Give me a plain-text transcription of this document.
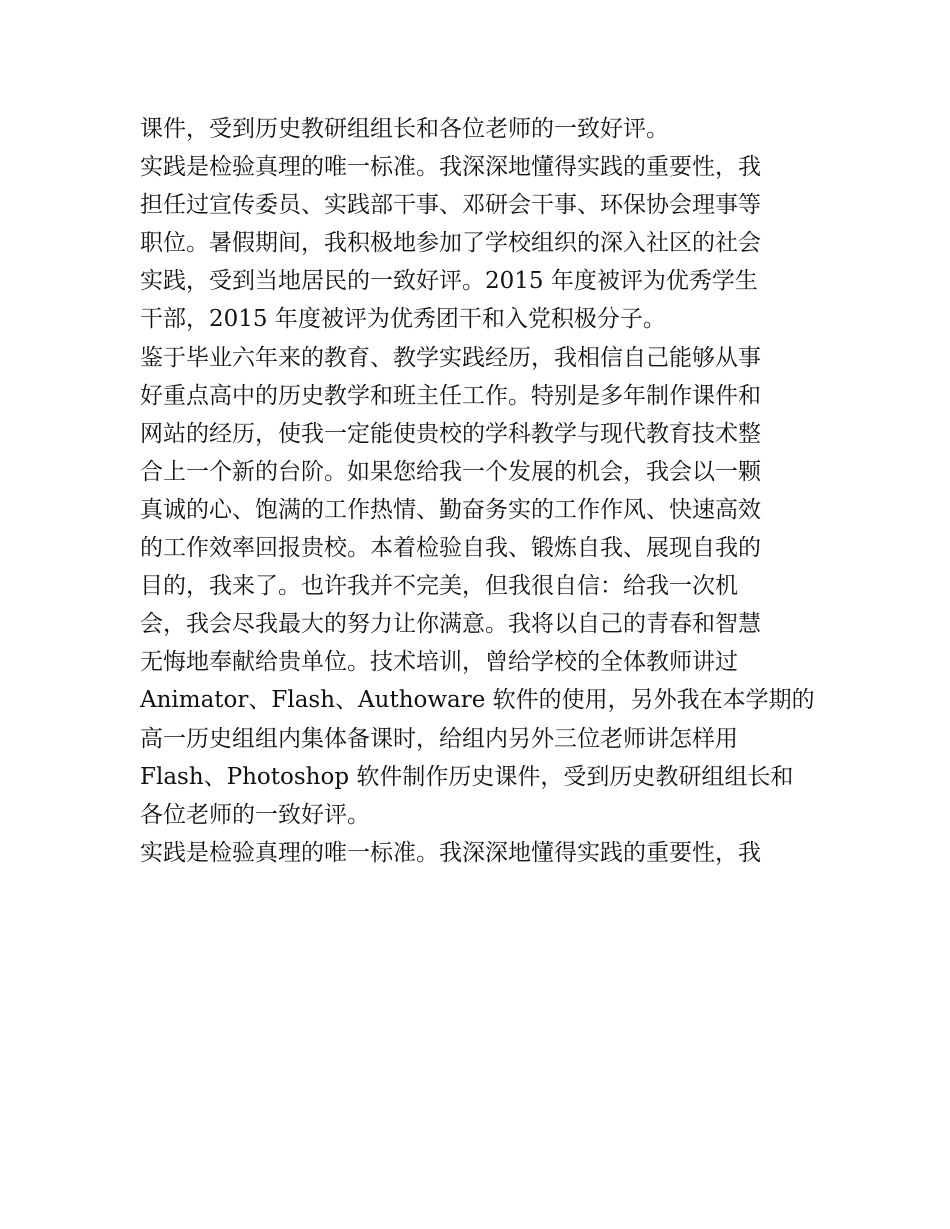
课件，受到历史教研组组长和各位老师的一致好评。
实践是检验真理的唯一标准。我深深地懂得实践的重要性，我
担任过宣传委员、实践部干事、邓研会干事、环保协会理事等
职位。暑假期间，我积极地参加了学校组织的深入社区的社会
实践，受到当地居民的一致好评。2015 年度被评为优秀学生
干部，2015 年度被评为优秀团干和入党积极分子。
鉴于毕业六年来的教育、教学实践经历，我相信自己能够从事
好重点高中的历史教学和班主任工作。特别是多年制作课件和
网站的经历，使我一定能使贵校的学科教学与现代教育技术整
合上一个新的台阶。如果您给我一个发展的机会，我会以一颗
真诚的心、饱满的工作热情、勤奋务实的工作作风、快速高效
的工作效率回报贵校。本着检验自我、锻炼自我、展现自我的
目的，我来了。也许我并不完美，但我很自信：给我一次机
会，我会尽我最大的努力让你满意。我将以自己的青春和智慧
无悔地奉献给贵单位。技术培训，曾给学校的全体教师讲过
Animator、Flash、Authoware 软件的使用，另外我在本学期的
高一历史组组内集体备课时，给组内另外三位老师讲怎样用
Flash、Photoshop 软件制作历史课件，受到历史教研组组长和
各位老师的一致好评。
实践是检验真理的唯一标准。我深深地懂得实践的重要性，我
